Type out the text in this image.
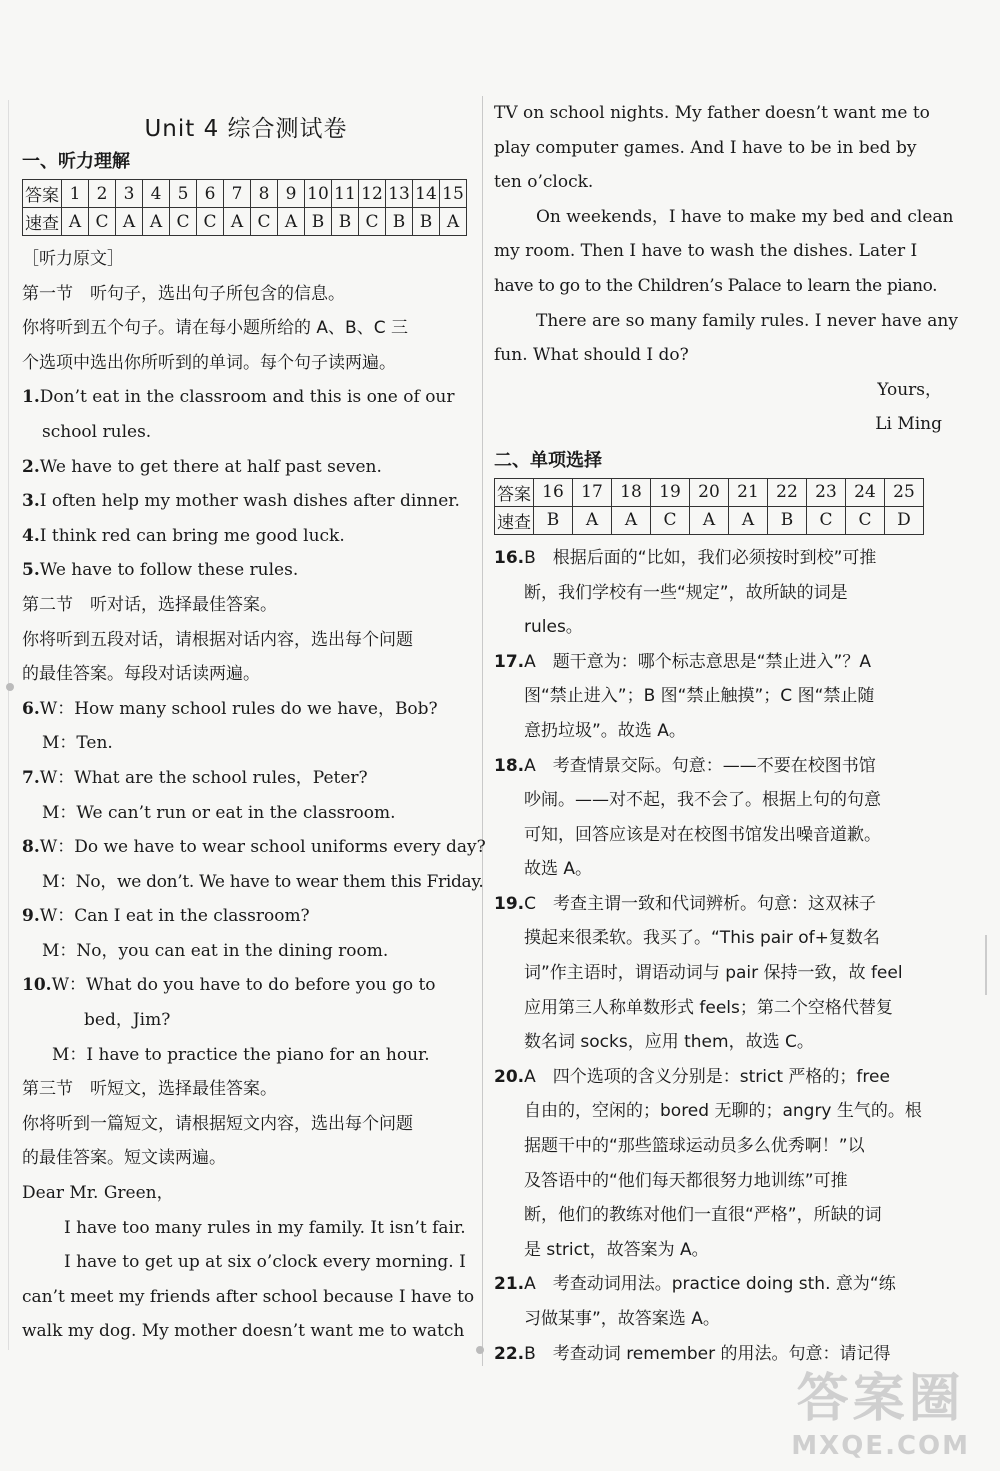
Unit 4 综合测试卷
一、听力理解
答案	1	2	3	4	5	6	7	8	9	10	11	12	13	14	15
速查	A	C	A	A	C	C	A	C	A	B	B	C	B	B	A
［听力原文］
第一节　听句子，选出句子所包含的信息。
你将听到五个句子。请在每小题所给的 A、B、C 三
个选项中选出你所听到的单词。每个句子读两遍。
1.Don’t eat in the classroom and this is one of our
school rules.
2.We have to get there at half past seven.
3.I often help my mother wash dishes after dinner.
4.I think red can bring me good luck.
5.We have to follow these rules.
第二节　听对话，选择最佳答案。
你将听到五段对话，请根据对话内容，选出每个问题
的最佳答案。每段对话读两遍。
6.W：How many school rules do we have，Bob?
M：Ten.
7.W：What are the school rules，Peter?
M：We can’t run or eat in the classroom.
8.W：Do we have to wear school uniforms every day?
M：No，we don’t. We have to wear them this Friday.
9.W：Can I eat in the classroom?
M：No，you can eat in the dining room.
10.W：What do you have to do before you go to
bed，Jim?
M：I have to practice the piano for an hour.
第三节　听短文，选择最佳答案。
你将听到一篇短文，请根据短文内容，选出每个问题
的最佳答案。短文读两遍。
Dear Mr. Green，
I have too many rules in my family. It isn’t fair.
I have to get up at six o’clock every morning. I
can’t meet my friends after school because I have to
walk my dog. My mother doesn’t want me to watch
TV on school nights. My father doesn’t want me to
play computer games. And I have to be in bed by
ten o’clock.
On weekends，I have to make my bed and clean
my room. Then I have to wash the dishes. Later I
have to go to the Children’s Palace to learn the piano.
There are so many family rules. I never have any
fun. What should I do?
Yours，
Li Ming
二、单项选择
答案	16	17	18	19	20	21	22	23	24	25
速查	B	A	A	C	A	A	B	C	C	D
16.B　根据后面的“比如，我们必须按时到校”可推
断，我们学校有一些“规定”，故所缺的词是
rules。
17.A　题干意为：哪个标志意思是“禁止进入”？A
图“禁止进入”；B 图“禁止触摸”；C 图“禁止随
意扔垃圾”。故选 A。
18.A　考查情景交际。句意：——不要在校图书馆
吵闹。——对不起，我不会了。根据上句的句意
可知，回答应该是对在校图书馆发出噪音道歉。
故选 A。
19.C　考查主谓一致和代词辨析。句意：这双袜子
摸起来很柔软。我买了。“This pair of+复数名
词”作主语时，谓语动词与 pair 保持一致，故 feel
应用第三人称单数形式 feels；第二个空格代替复
数名词 socks，应用 them，故选 C。
20.A　四个选项的含义分别是：strict 严格的；free
自由的，空闲的；bored 无聊的；angry 生气的。根
据题干中的“那些篮球运动员多么优秀啊！”以
及答语中的“他们每天都很努力地训练”可推
断，他们的教练对他们一直很“严格”，所缺的词
是 strict，故答案为 A。
21.A　考查动词用法。practice doing sth. 意为“练
习做某事”，故答案选 A。
22.B　考查动词 remember 的用法。句意：请记得
答案圈
MXQE.COM
